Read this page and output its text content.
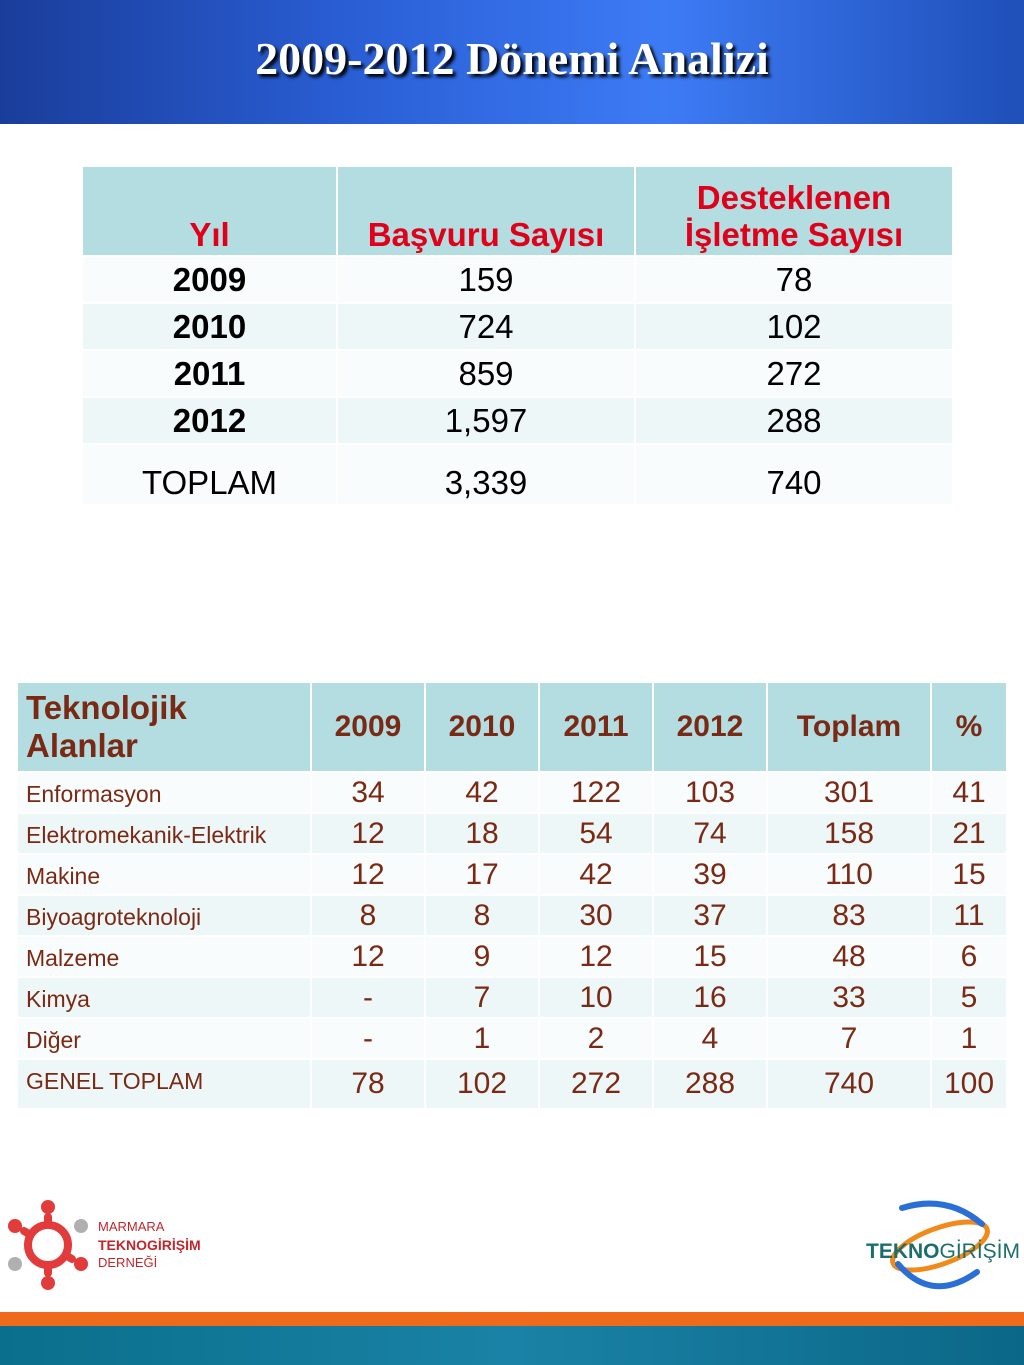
2009-2012 Dönemi Analizi
Yıl	Başvuru Sayısı	Desteklenen
İşletme Sayısı
2009	159	78
2010	724	102
2011	859	272
2012	1,597	288
TOPLAM	3,339	740
Teknolojik
Alanlar	2009	2010	2011	2012	Toplam	%
Enformasyon	34	42	122	103	301	41
Elektromekanik-Elektrik	12	18	54	74	158	21
Makine	12	17	42	39	110	15
Biyoagroteknoloji	8	8	30	37	83	11
Malzeme	12	9	12	15	48	6
Kimya	-	7	10	16	33	5
Diğer	-	1	2	4	7	1
GENEL TOPLAM	78	102	272	288	740	100
MARMARA
TEKNOGİRİŞİM
DERNEĞİ	TEKNOGİRİŞİM
